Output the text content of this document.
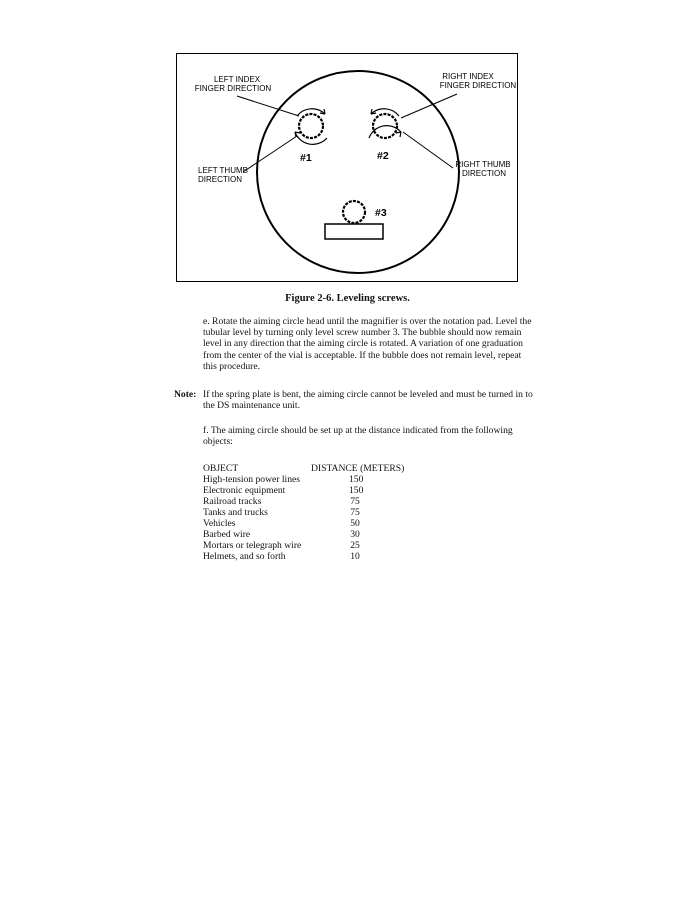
LEFT INDEX
FINGER DIRECTION
RIGHT INDEX
FINGER DIRECTION
LEFT THUMB
DIRECTION
RIGHT THUMB
DIRECTION
#1	#2
#3
Figure 2-6. Leveling screws.
e. Rotate the aiming circle head until the magnifier is over the notation pad. Level the tubular level by turning only level screw number 3. The bubble should now remain level in any direction that the aiming circle is rotated. A variation of one graduation from the center of the vial is acceptable. If the bubble does not remain level, repeat this procedure.
Note: If the spring plate is bent, the aiming circle cannot be leveled and must be turned in to the DS maintenance unit.
f. The aiming circle should be set up at the distance indicated from the following objects:
OBJECT	DISTANCE (METERS)
High-tension power lines	150
Electronic equipment	150
Railroad tracks	75
Tanks and trucks	75
Vehicles	50
Barbed wire	30
Mortars or telegraph wire	25
Helmets, and so forth	10
